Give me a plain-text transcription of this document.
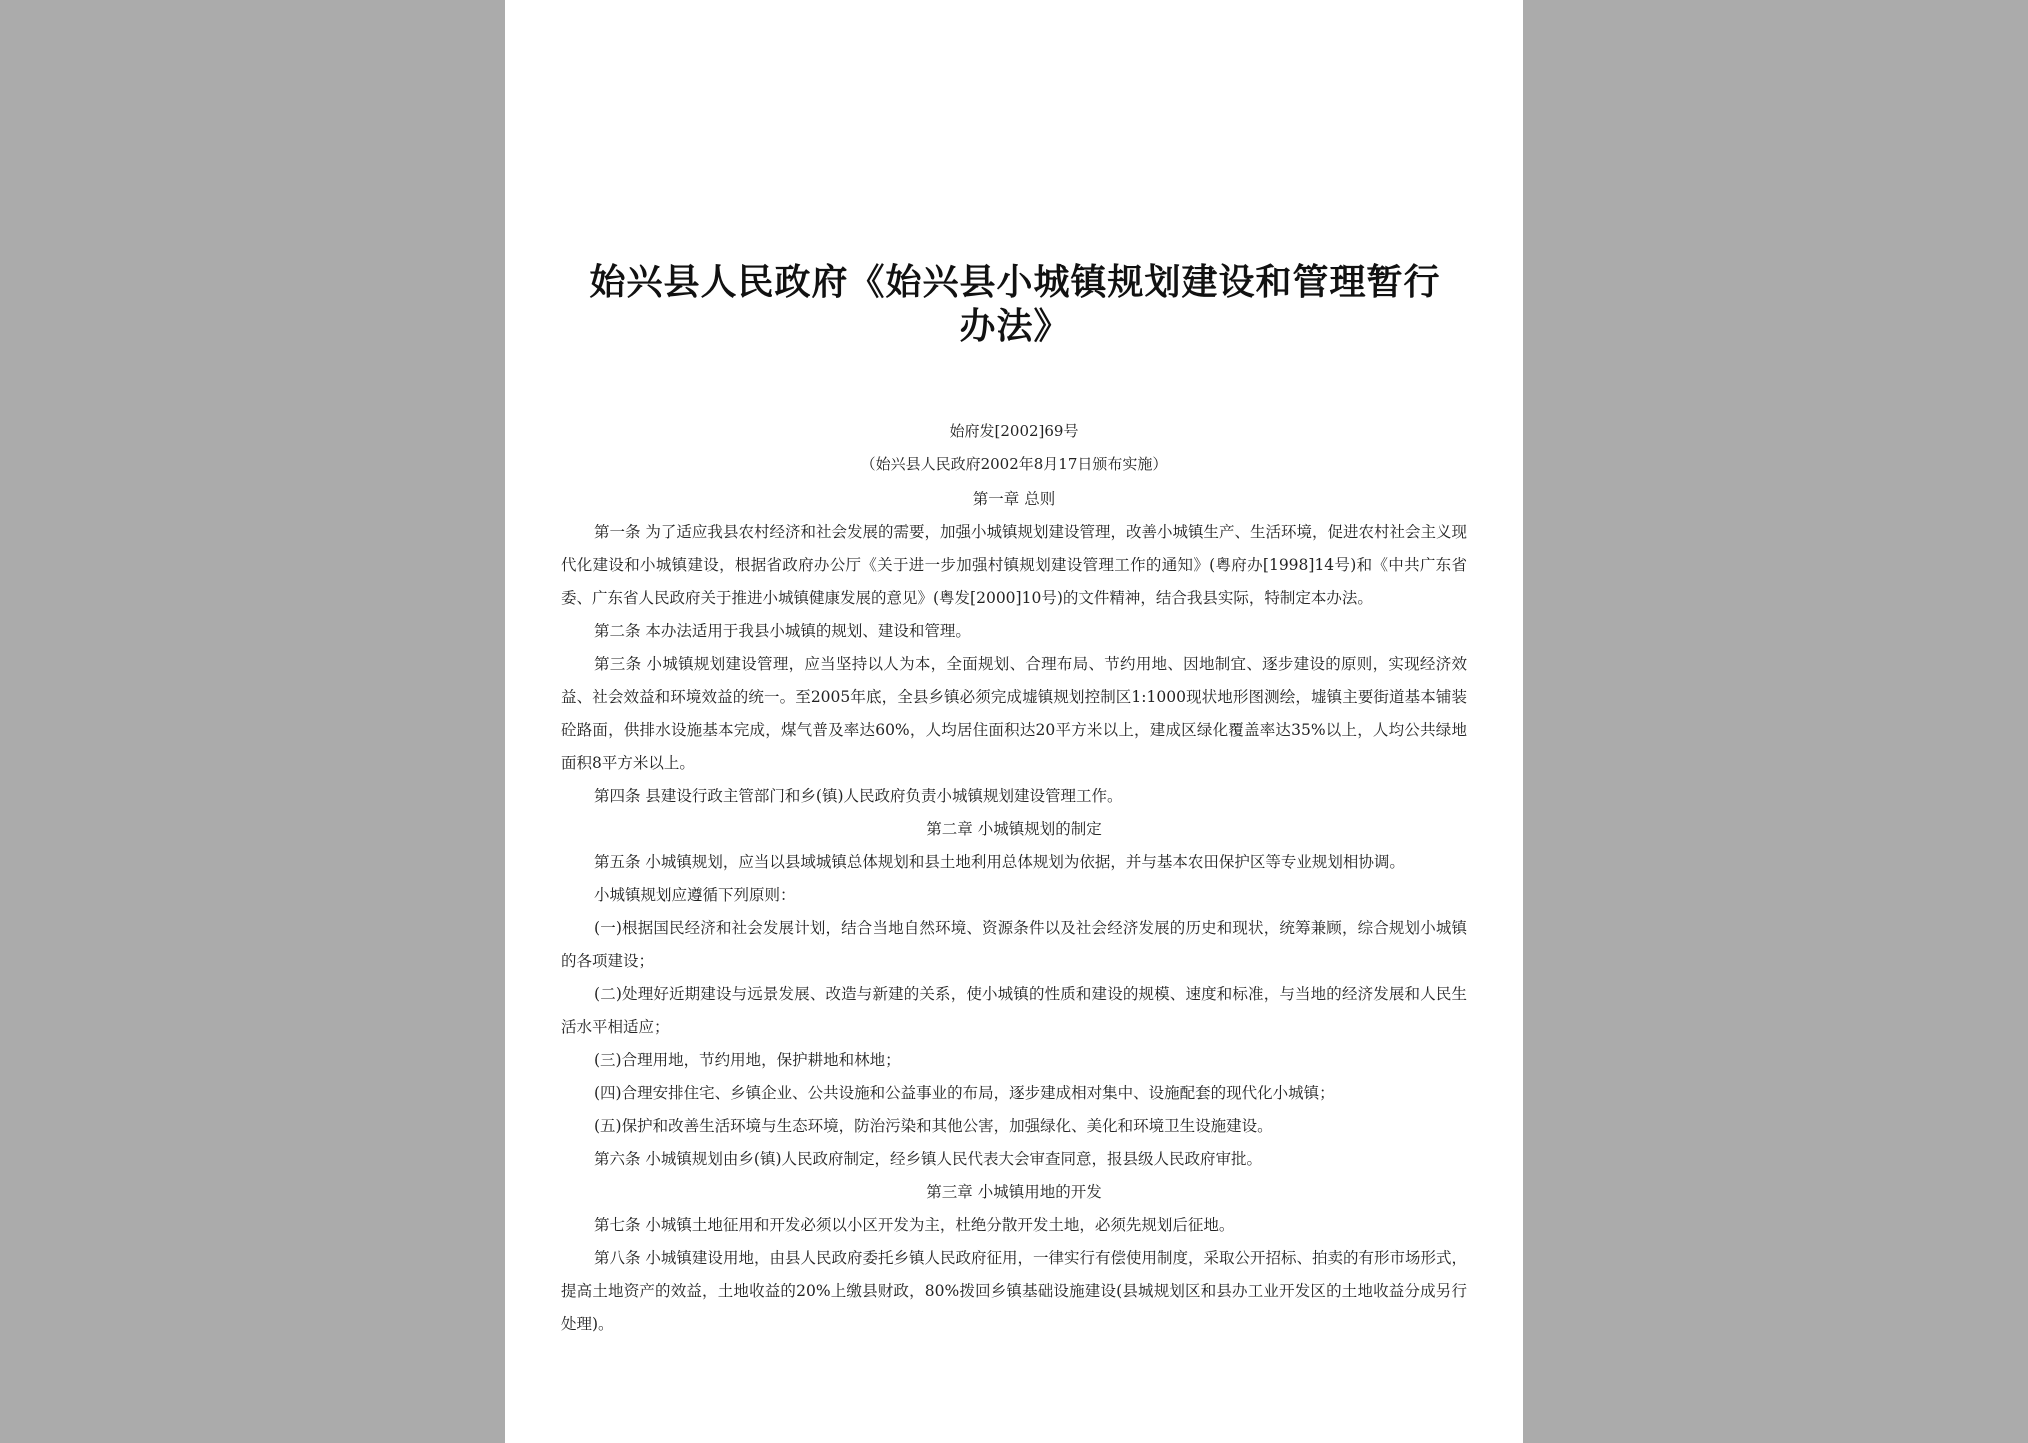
始兴县人民政府《始兴县小城镇规划建设和管理暂行办法》
始府发[2002]69号
（始兴县人民政府2002年8月17日颁布实施）

第一章 总则

第一条 为了适应我县农村经济和社会发展的需要，加强小城镇规划建设管理，改善小城镇生产、生活环境，促进农村社会主义现代化建设和小城镇建设，根据省政府办公厅《关于进一步加强村镇规划建设管理工作的通知》(粤府办[1998]14号)和《中共广东省委、广东省人民政府关于推进小城镇健康发展的意见》(粤发[2000]10号)的文件精神，结合我县实际，特制定本办法。

第二条 本办法适用于我县小城镇的规划、建设和管理。

第三条 小城镇规划建设管理，应当坚持以人为本，全面规划、合理布局、节约用地、因地制宜、逐步建设的原则，实现经济效益、社会效益和环境效益的统一。至2005年底，全县乡镇必须完成墟镇规划控制区1:1000现状地形图测绘，墟镇主要街道基本铺装砼路面，供排水设施基本完成，煤气普及率达60%，人均居住面积达20平方米以上，建成区绿化覆盖率达35%以上，人均公共绿地面积8平方米以上。

第四条 县建设行政主管部门和乡(镇)人民政府负责小城镇规划建设管理工作。

第二章 小城镇规划的制定

第五条 小城镇规划，应当以县域城镇总体规划和县土地利用总体规划为依据，并与基本农田保护区等专业规划相协调。

小城镇规划应遵循下列原则：

(一)根据国民经济和社会发展计划，结合当地自然环境、资源条件以及社会经济发展的历史和现状，统筹兼顾，综合规划小城镇的各项建设；

(二)处理好近期建设与远景发展、改造与新建的关系，使小城镇的性质和建设的规模、速度和标准，与当地的经济发展和人民生活水平相适应；

(三)合理用地，节约用地，保护耕地和林地；

(四)合理安排住宅、乡镇企业、公共设施和公益事业的布局，逐步建成相对集中、设施配套的现代化小城镇；

(五)保护和改善生活环境与生态环境，防治污染和其他公害，加强绿化、美化和环境卫生设施建设。

第六条 小城镇规划由乡(镇)人民政府制定，经乡镇人民代表大会审查同意，报县级人民政府审批。

第三章 小城镇用地的开发

第七条 小城镇土地征用和开发必须以小区开发为主，杜绝分散开发土地，必须先规划后征地。

第八条 小城镇建设用地，由县人民政府委托乡镇人民政府征用，一律实行有偿使用制度，采取公开招标、拍卖的有形市场形式，提高土地资产的效益，土地收益的20%上缴县财政，80%拨回乡镇基础设施建设(县城规划区和县办工业开发区的土地收益分成另行处理)。
